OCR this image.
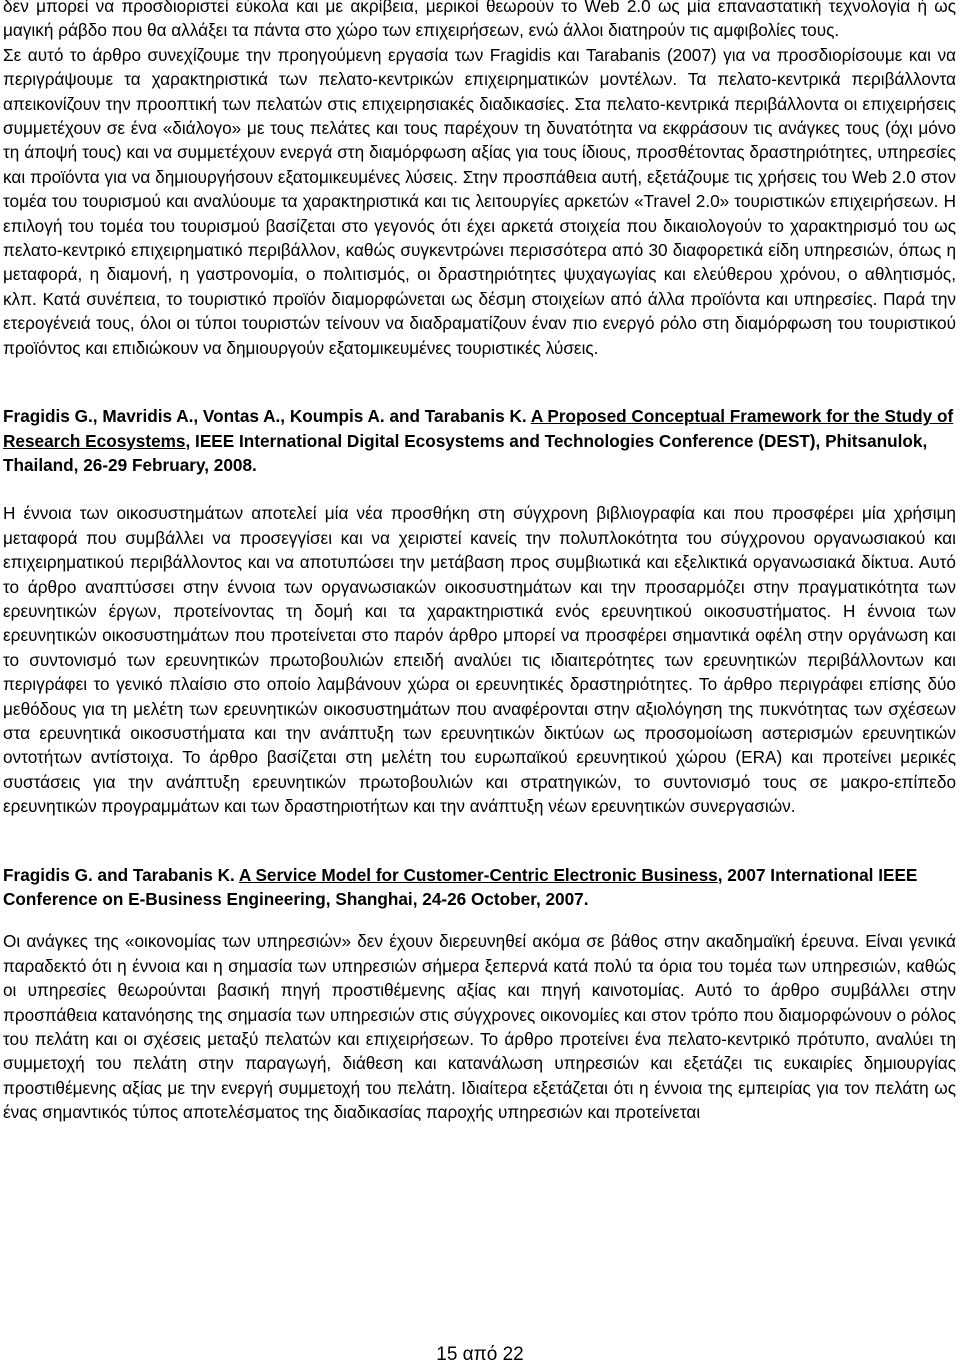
δεν μπορεί να προσδιοριστεί εύκολα και με ακρίβεια, μερικοί θεωρούν το Web 2.0 ως μία επαναστατική τεχνολογία ή ως μαγική ράβδο που θα αλλάξει τα πάντα στο χώρο των επιχειρήσεων, ενώ άλλοι διατηρούν τις αμφιβολίες τους.

Σε αυτό το άρθρο συνεχίζουμε την προηγούμενη εργασία των Fragidis και Tarabanis (2007) για να προσδιορίσουμε και να περιγράψουμε τα χαρακτηριστικά των πελατο-κεντρικών επιχειρηματικών μοντέλων. Τα πελατο-κεντρικά περιβάλλοντα απεικονίζουν την προοπτική των πελατών στις επιχειρησιακές διαδικασίες. Στα πελατο-κεντρικά περιβάλλοντα οι επιχειρήσεις συμμετέχουν σε ένα «διάλογο» με τους πελάτες και τους παρέχουν τη δυνατότητα να εκφράσουν τις ανάγκες τους (όχι μόνο τη άποψή τους) και να συμμετέχουν ενεργά στη διαμόρφωση αξίας για τους ίδιους, προσθέτοντας δραστηριότητες, υπηρεσίες και προϊόντα για να δημιουργήσουν εξατομικευμένες λύσεις. Στην προσπάθεια αυτή, εξετάζουμε τις χρήσεις του Web 2.0 στον τομέα του τουρισμού και αναλύουμε τα χαρακτηριστικά και τις λειτουργίες αρκετών «Travel 2.0» τουριστικών επιχειρήσεων. Η επιλογή του τομέα του τουρισμού βασίζεται στο γεγονός ότι έχει αρκετά στοιχεία που δικαιολογούν το χαρακτηρισμό του ως πελατο-κεντρικό επιχειρηματικό περιβάλλον, καθώς συγκεντρώνει περισσότερα από 30 διαφορετικά είδη υπηρεσιών, όπως η μεταφορά, η διαμονή, η γαστρονομία, ο πολιτισμός, οι δραστηριότητες ψυχαγωγίας και ελεύθερου χρόνου, ο αθλητισμός, κλπ. Κατά συνέπεια, το τουριστικό προϊόν διαμορφώνεται ως δέσμη στοιχείων από άλλα προϊόντα και υπηρεσίες. Παρά την ετερογένειά τους, όλοι οι τύποι τουριστών τείνουν να διαδραματίζουν έναν πιο ενεργό ρόλο στη διαμόρφωση του τουριστικού προϊόντος και επιδιώκουν να δημιουργούν εξατομικευμένες τουριστικές λύσεις.

Fragidis G., Mavridis A., Vontas A., Koumpis A. and Tarabanis K. A Proposed Conceptual Framework for the Study of Research Ecosystems, IEEE International Digital Ecosystems and Technologies Conference (DEST), Phitsanulok, Thailand, 26-29 February, 2008.

Η έννοια των οικοσυστημάτων αποτελεί μία νέα προσθήκη στη σύγχρονη βιβλιογραφία και που προσφέρει μία χρήσιμη μεταφορά που συμβάλλει να προσεγγίσει και να χειριστεί κανείς την πολυπλοκότητα του σύγχρονου οργανωσιακού και επιχειρηματικού περιβάλλοντος και να αποτυπώσει την μετάβαση προς συμβιωτικά και εξελικτικά οργανωσιακά δίκτυα. Αυτό το άρθρο αναπτύσσει στην έννοια των οργανωσιακών οικοσυστημάτων και την προσαρμόζει στην πραγματικότητα των ερευνητικών έργων, προτείνοντας τη δομή και τα χαρακτηριστικά ενός ερευνητικού οικοσυστήματος. Η έννοια των ερευνητικών οικοσυστημάτων που προτείνεται στο παρόν άρθρο μπορεί να προσφέρει σημαντικά οφέλη στην οργάνωση και το συντονισμό των ερευνητικών πρωτοβουλιών επειδή αναλύει τις ιδιαιτερότητες των ερευνητικών περιβάλλοντων και περιγράφει το γενικό πλαίσιο στο οποίο λαμβάνουν χώρα οι ερευνητικές δραστηριότητες. Το άρθρο περιγράφει επίσης δύο μεθόδους για τη μελέτη των ερευνητικών οικοσυστημάτων που αναφέρονται στην αξιολόγηση της πυκνότητας των σχέσεων στα ερευνητικά οικοσυστήματα και την ανάπτυξη των ερευνητικών δικτύων ως προσομοίωση αστερισμών ερευνητικών οντοτήτων αντίστοιχα. Το άρθρο βασίζεται στη μελέτη του ευρωπαϊκού ερευνητικού χώρου (ERA) και προτείνει μερικές συστάσεις για την ανάπτυξη ερευνητικών πρωτοβουλιών και στρατηγικών, το συντονισμό τους σε μακρο-επίπεδο ερευνητικών προγραμμάτων και των δραστηριοτήτων και την ανάπτυξη νέων ερευνητικών συνεργασιών.

Fragidis G. and Tarabanis K. A Service Model for Customer-Centric Electronic Business, 2007 International IEEE Conference on E-Business Engineering, Shanghai, 24-26 October, 2007.

Οι ανάγκες της «οικονομίας των υπηρεσιών» δεν έχουν διερευνηθεί ακόμα σε βάθος στην ακαδημαϊκή έρευνα. Είναι γενικά παραδεκτό ότι η έννοια και η σημασία των υπηρεσιών σήμερα ξεπερνά κατά πολύ τα όρια του τομέα των υπηρεσιών, καθώς οι υπηρεσίες θεωρούνται βασική πηγή προστιθέμενης αξίας και πηγή καινοτομίας. Αυτό το άρθρο συμβάλλει στην προσπάθεια κατανόησης της σημασία των υπηρεσιών στις σύγχρονες οικονομίες και στον τρόπο που διαμορφώνουν ο ρόλος του πελάτη και οι σχέσεις μεταξύ πελατών και επιχειρήσεων. Το άρθρο προτείνει ένα πελατο-κεντρικό πρότυπο, αναλύει τη συμμετοχή του πελάτη στην παραγωγή, διάθεση και κατανάλωση υπηρεσιών και εξετάζει τις ευκαιρίες δημιουργίας προστιθέμενης αξίας με την ενεργή συμμετοχή του πελάτη. Ιδιαίτερα εξετάζεται ότι η έννοια της εμπειρίας για τον πελάτη ως ένας σημαντικός τύπος αποτελέσματος της διαδικασίας παροχής υπηρεσιών και προτείνεται

15 από 22
